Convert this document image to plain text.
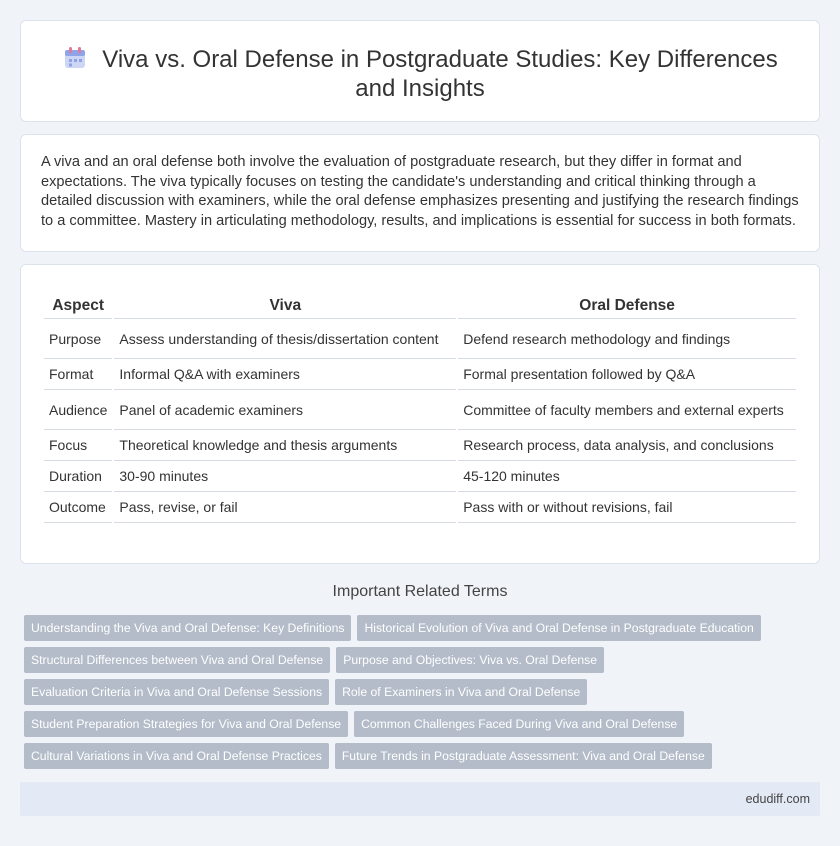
Viva vs. Oral Defense in Postgraduate Studies: Key Differences and Insights

A viva and an oral defense both involve the evaluation of postgraduate research, but they differ in format and expectations. The viva typically focuses on testing the candidate's understanding and critical thinking through a detailed discussion with examiners, while the oral defense emphasizes presenting and justifying the research findings to a committee. Mastery in articulating methodology, results, and implications is essential for success in both formats.

Aspect	Viva	Oral Defense
Purpose	Assess understanding of thesis/dissertation content	Defend research methodology and findings
Format	Informal Q&A with examiners	Formal presentation followed by Q&A
Audience	Panel of academic examiners	Committee of faculty members and external experts
Focus	Theoretical knowledge and thesis arguments	Research process, data analysis, and conclusions
Duration	30-90 minutes	45-120 minutes
Outcome	Pass, revise, or fail	Pass with or without revisions, fail
Important Related Terms
Understanding the Viva and Oral Defense: Key Definitions	Historical Evolution of Viva and Oral Defense in Postgraduate Education
Structural Differences between Viva and Oral Defense	Purpose and Objectives: Viva vs. Oral Defense
Evaluation Criteria in Viva and Oral Defense Sessions	Role of Examiners in Viva and Oral Defense
Student Preparation Strategies for Viva and Oral Defense	Common Challenges Faced During Viva and Oral Defense
Cultural Variations in Viva and Oral Defense Practices	Future Trends in Postgraduate Assessment: Viva and Oral Defense
edudiff.com
